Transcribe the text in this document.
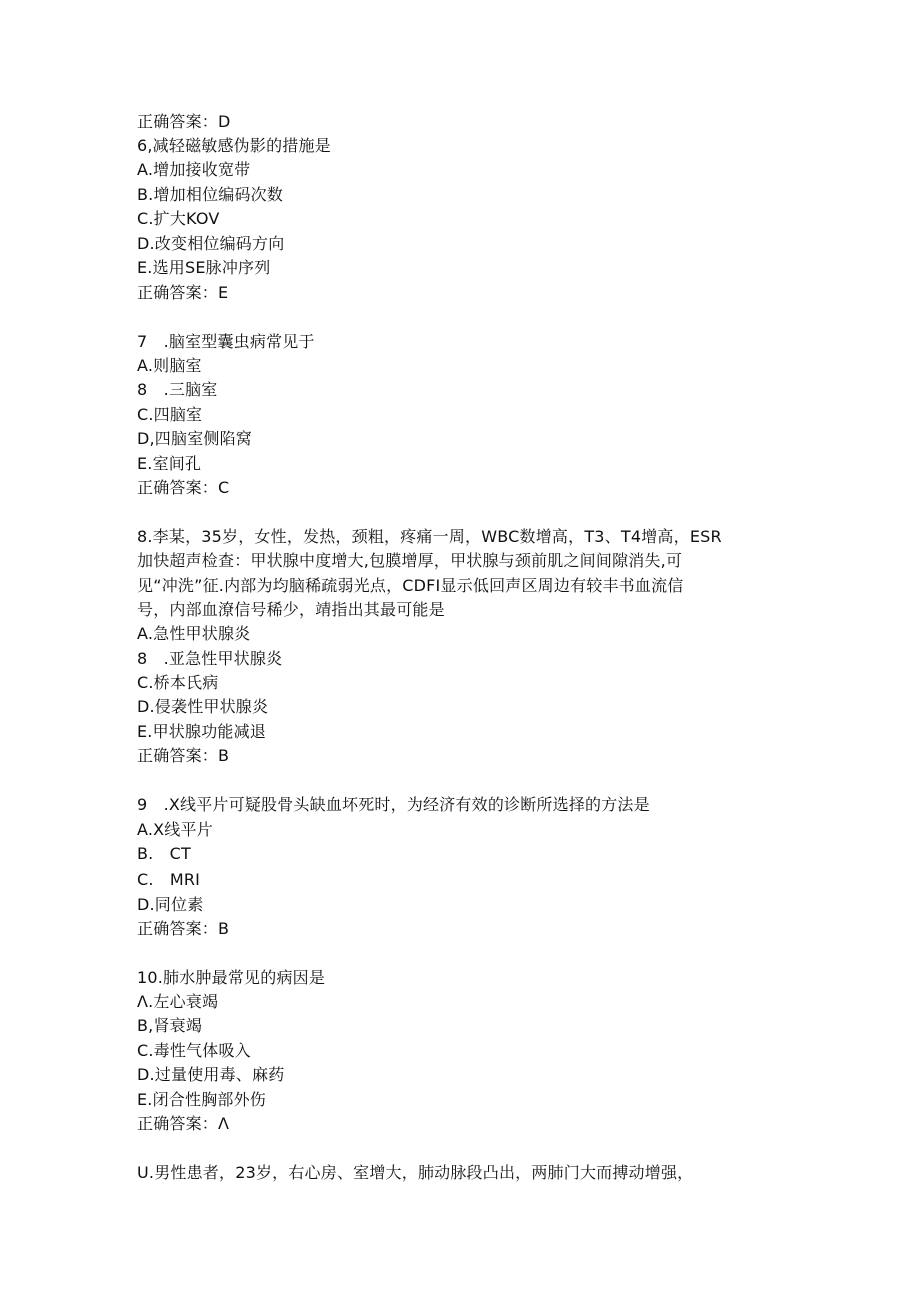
正确答案：D
6,减轻磁敏感伪影的措施是
A.增加接收宽带
B.增加相位编码次数
C.扩大KOV
D.改变相位编码方向
E.选用SE脉冲序列
正确答案：E
7　.脑室型囊虫病常见于
A.则脑室
8　.三脑室
C.四脑室
D,四脑室侧陷窝
E.室间孔
正确答案：C
8.李某，35岁，女性，发热，颈粗，疼痛一周，WBC数增高，T3、T4增高，ESR
加快超声检查：甲状腺中度增大,包膜增厚，甲状腺与颈前肌之间间隙消失,可
见“冲洗”征.内部为均脑稀疏弱光点，CDFI显示低回声区周边有较丰书血流信
号，内部血潦信号稀少，靖指出其最可能是
A.急性甲状腺炎
8　.亚急性甲状腺炎
C.桥本氏病
D.侵袭性甲状腺炎
E.甲状腺功能减退
正确答案：B
9　.X线平片可疑股骨头缺血坏死时，为经济有效的诊断所选择的方法是
A.X线平片
B.　CT
C.　MRI
D.同位素
正确答案：B
10.肺水肿最常见的病因是
Λ.左心衰竭
B,肾衰竭
C.毒性气体吸入
D.过量使用毒、麻药
E.闭合性胸部外伤
正确答案：Λ
U.男性患者，23岁，右心房、室增大，肺动脉段凸出，两肺门大而搏动增强，
